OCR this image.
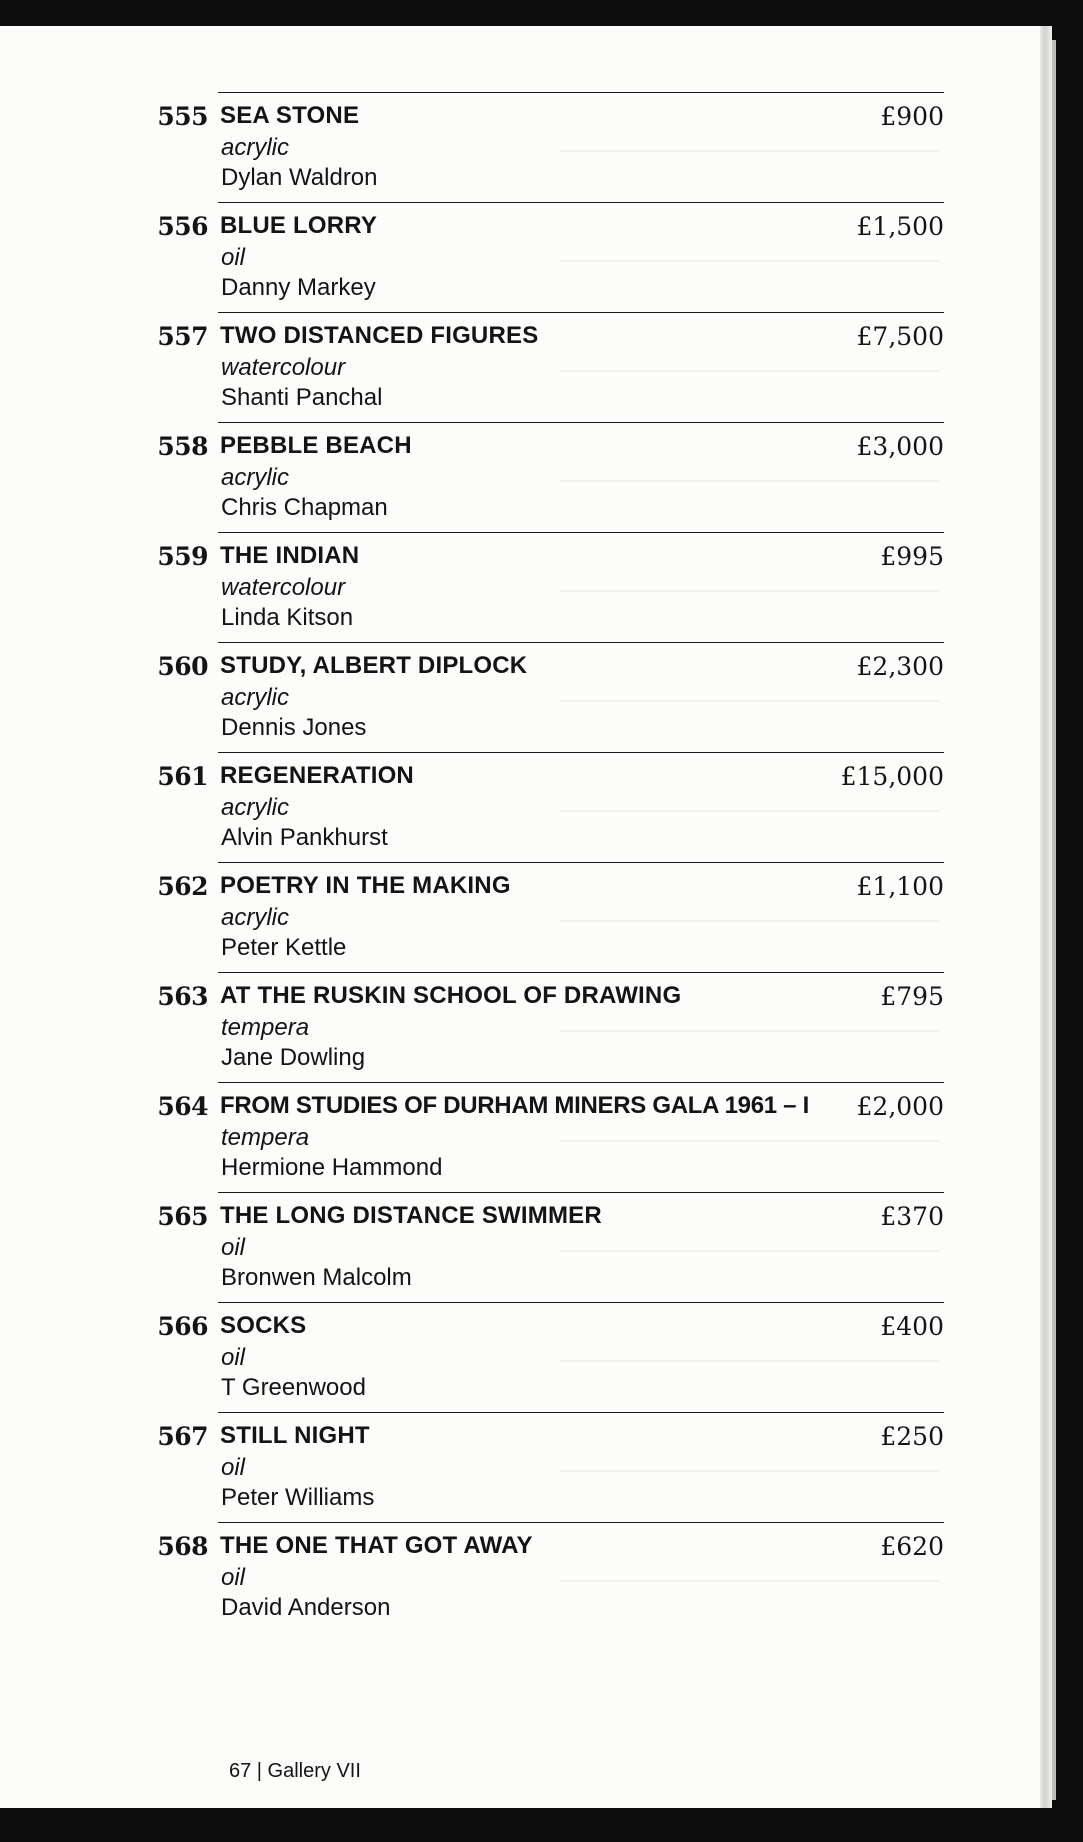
555 SEA STONE
acrylic
Dylan Waldron
£900
556 BLUE LORRY
oil
Danny Markey
£1,500
557 TWO DISTANCED FIGURES
watercolour
Shanti Panchal
£7,500
558 PEBBLE BEACH
acrylic
Chris Chapman
£3,000
559 THE INDIAN
watercolour
Linda Kitson
£995
560 STUDY, ALBERT DIPLOCK
acrylic
Dennis Jones
£2,300
561 REGENERATION
acrylic
Alvin Pankhurst
£15,000
562 POETRY IN THE MAKING
acrylic
Peter Kettle
£1,100
563 AT THE RUSKIN SCHOOL OF DRAWING
tempera
Jane Dowling
£795
564 FROM STUDIES OF DURHAM MINERS GALA 1961 – I
tempera
Hermione Hammond
£2,000
565 THE LONG DISTANCE SWIMMER
oil
Bronwen Malcolm
£370
566 SOCKS
oil
T Greenwood
£400
567 STILL NIGHT
oil
Peter Williams
£250
568 THE ONE THAT GOT AWAY
oil
David Anderson
£620
67 | Gallery VII
